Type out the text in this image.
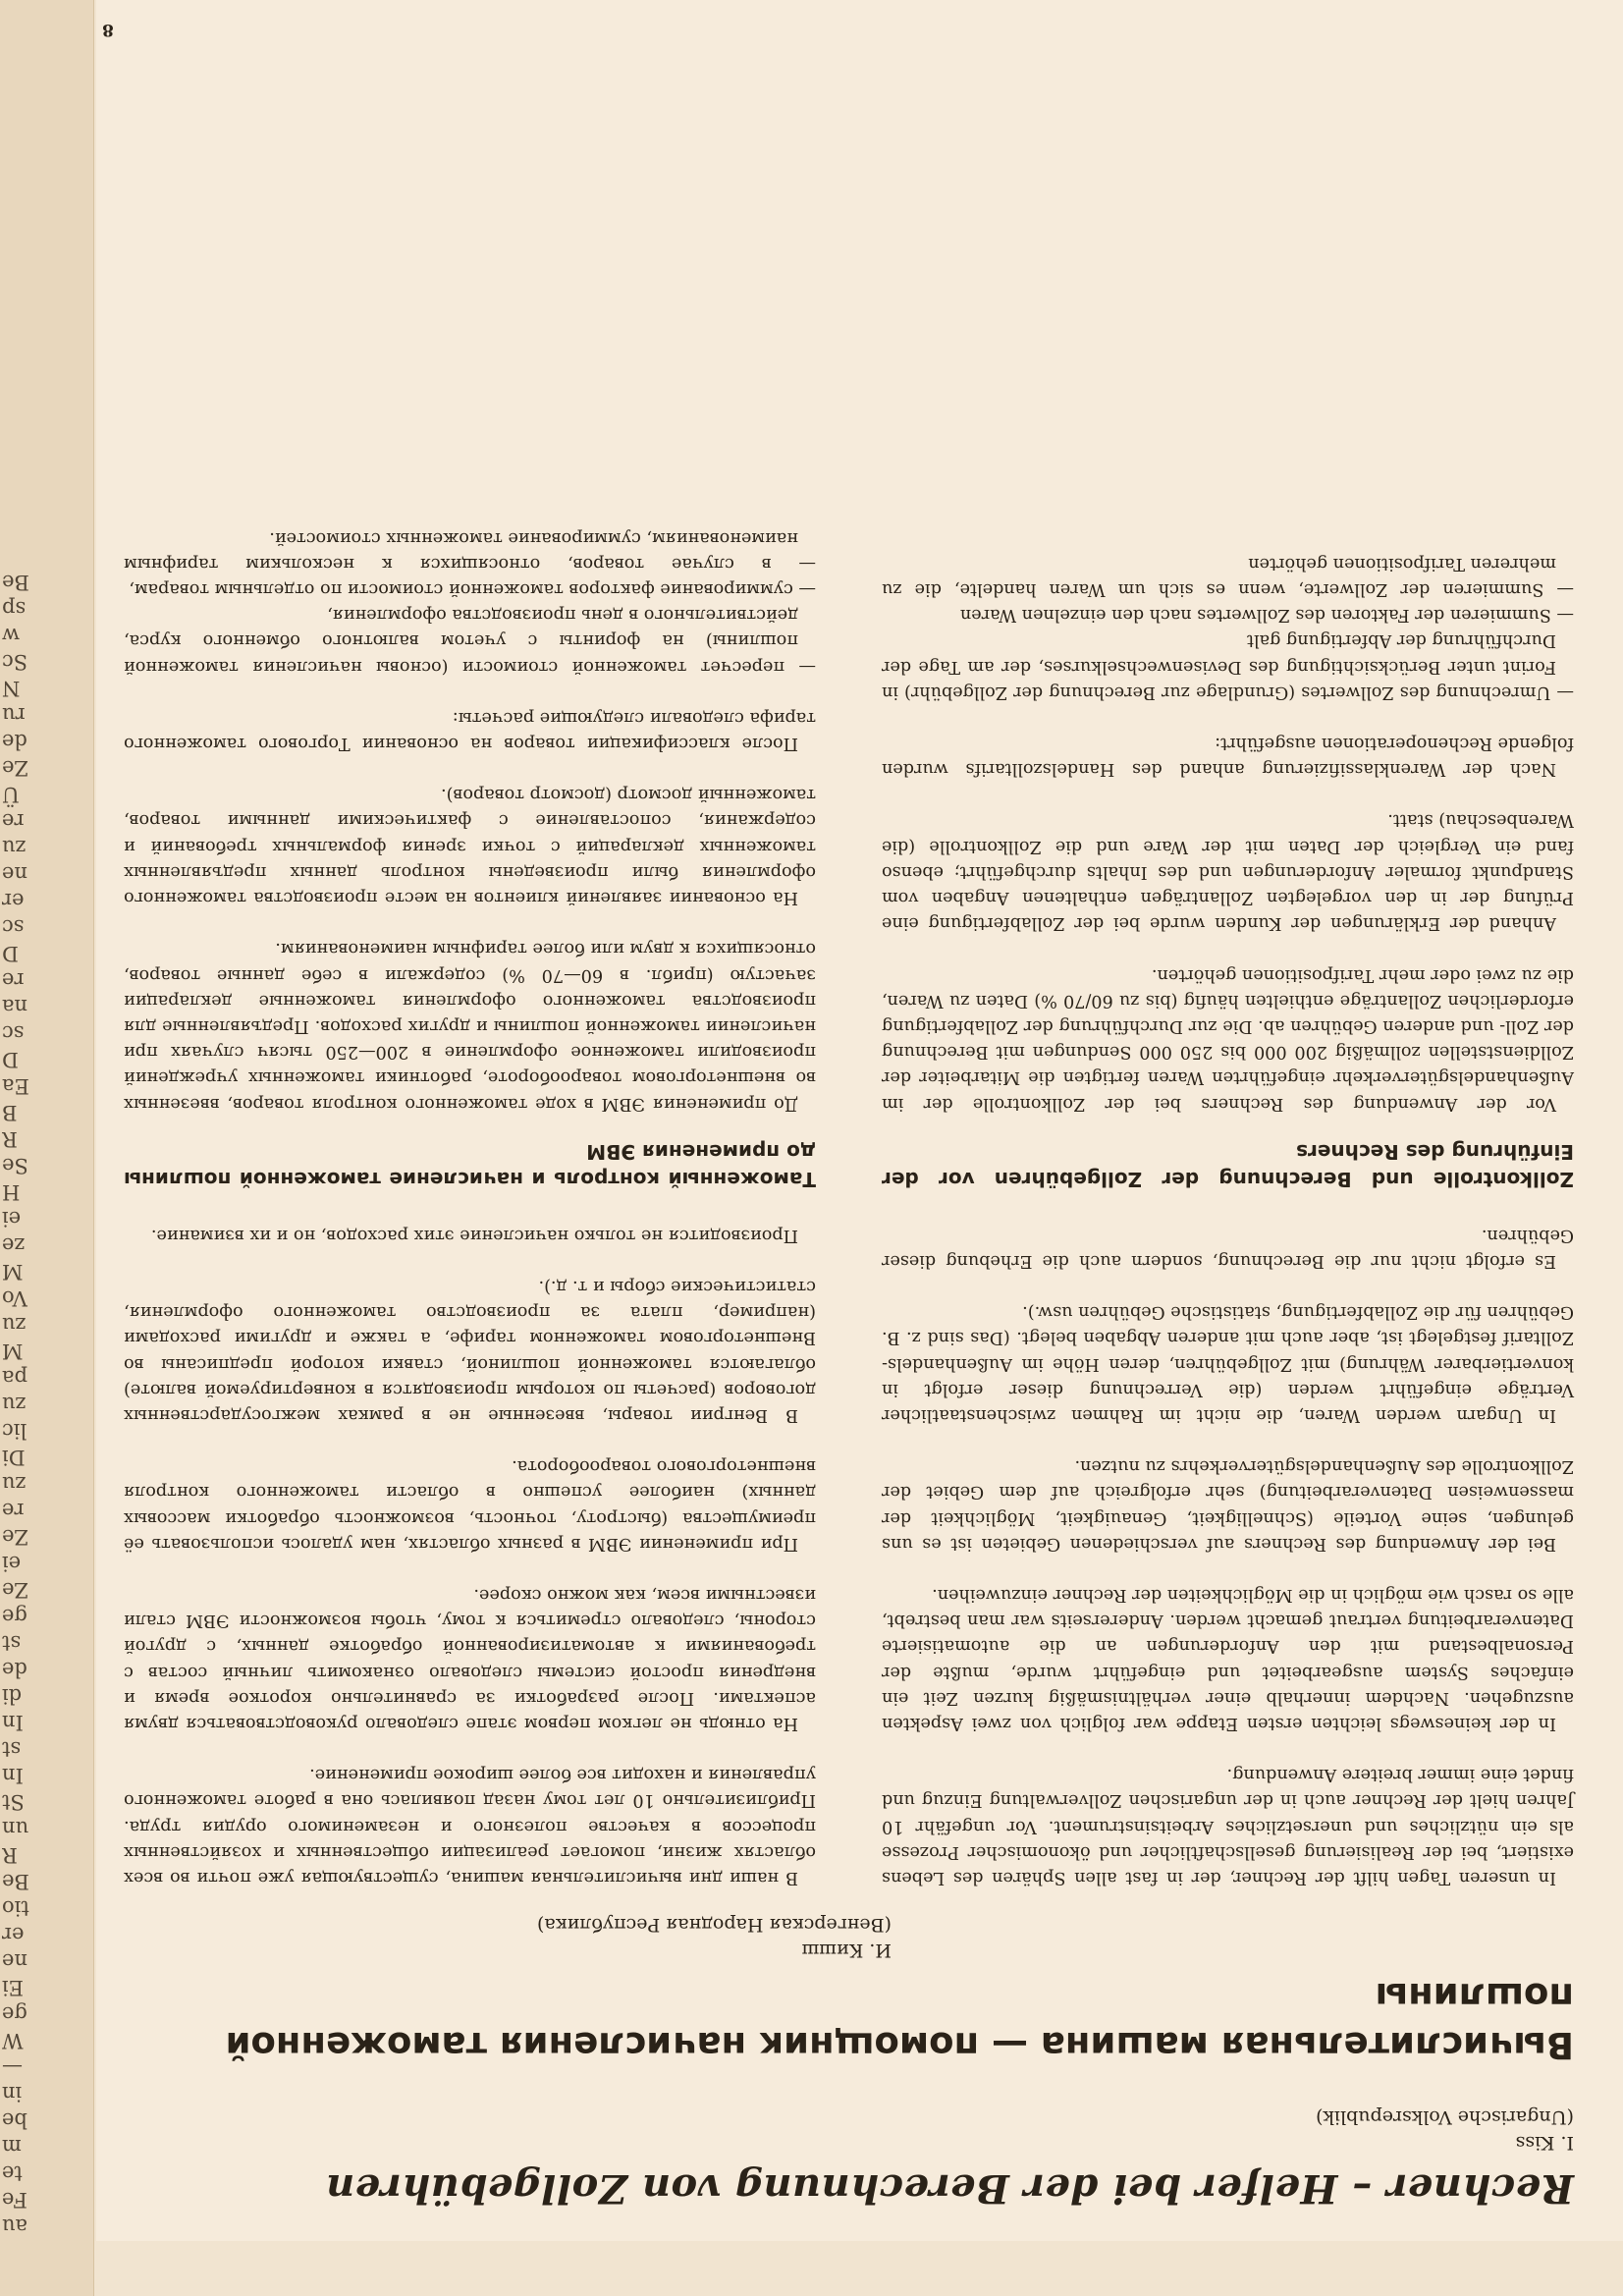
au
Fe
te
m
be
in
—
W
ge
Ei
ne
er
tio
Be
R
un
St
In
st
In
di
de
st
ge
Ze
ei
Ze
re
zu
Di
lic
zu
pa
M
zu
Vo
M
ze
ei
H
Se
R
B
Ea
D
sc
na
re
D
sc
er
ne
zu
re
Ü
Ze
de
ru
N
Sc
w
sp
Be
8
Rechner – Helfer bei der Berechnung von Zollgebühren
I. Kiss
(Ungarische Volksrepublik)
Вычислительная машина — помощник начисления таможенной пошлины
И. Кишш
(Венгерская Народная Республика)

In unseren Tagen hilft der Rechner, der in fast allen Sphären des Lebens existiert, bei der Realisierung gesellschaftlicher und ökonomischer Prozesse als ein nützliches und unersetzliches Arbeitsinstrument. Vor ungefähr 10 Jahren hielt der Rechner auch in der ungarischen Zollverwaltung Einzug und findet eine immer breitere Anwendung.

In der keineswegs leichten ersten Etappe war folglich von zwei Aspekten auszugehen. Nachdem innerhalb einer verhältnismäßig kurzen Zeit ein einfaches System ausgearbeitet und eingeführt wurde, mußte der Personalbestand mit den Anforderungen an die automatisierte Datenverarbeitung vertraut gemacht werden. Andererseits war man bestrebt, alle so rasch wie möglich in die Möglichkeiten der Rechner einzuweihen.

Bei der Anwendung des Rechners auf verschiedenen Gebieten ist es uns gelungen, seine Vorteile (Schnelligkeit, Genauigkeit, Möglichkeit der massenweisen Datenverarbeitung) sehr erfolgreich auf dem Gebiet der Zollkontrolle des Außenhandelsgüterverkehrs zu nutzen.

In Ungarn werden Waren, die nicht im Rahmen zwischenstaatlicher Verträge eingeführt werden (die Verrechnung dieser erfolgt in konvertierbarer Währung) mit Zollgebühren, deren Höhe im Außenhandels-Zolltarif festgelegt ist, aber auch mit anderen Abgaben belegt. (Das sind z. B. Gebühren für die Zollabfertigung, statistische Gebühren usw.).

Es erfolgt nicht nur die Berechnung, sondern auch die Erhebung dieser Gebühren.

Zollkontrolle und Berechnung der Zollgebühren vor der Einführung des Rechners

Vor der Anwendung des Rechners bei der Zollkontrolle der im Außenhandelsgüterverkehr eingeführten Waren fertigten die Mitarbeiter der Zolldienststellen zollmäßig 200 000 bis 250 000 Sendungen mit Berechnung der Zoll- und anderen Gebühren ab. Die zur Durchführung der Zollabfertigung erforderlichen Zollanträge enthielten häufig (bis zu 60/70 %) Daten zu Waren, die zu zwei oder mehr Tarifpositionen gehörten.

Anhand der Erklärungen der Kunden wurde bei der Zollabfertigung eine Prüfung der in den vorgelegten Zollanträgen enthaltenen Angaben vom Standpunkt formaler Anforderungen und des Inhalts durchgeführt; ebenso fand ein Vergleich der Daten mit der Ware und die Zollkontrolle (die Warenbeschau) statt.

Nach der Warenklassifizierung anhand des Handelszolltarifs wurden folgende Rechenoperationen ausgeführt:

— Umrechnung des Zollwertes (Grundlage zur Berechnung der Zollgebühr) in Forint unter Berücksichtigung des Devisenwechselkurses, der am Tage der Durchführung der Abfertigung galt
— Summieren der Faktoren des Zollwertes nach den einzelnen Waren
— Summieren der Zollwerte, wenn es sich um Waren handelte, die zu mehreren Tarifpositionen gehörten

В наши дни вычислительная машина, существующая уже почти во всех областях жизни, помогает реализации общественных и хозяйственных процессов в качестве полезного и незаменимого орудия труда. Приблизительно 10 лет тому назад появилась она в работе таможенного управления и находит все более широкое применение.

На отнюдь не легком первом этапе следовало руководствоваться двумя аспектами. После разработки за сравнительно короткое время и внедрения простой системы следовало ознакомить личный состав с требованиями к автоматизированной обработке данных, с другой стороны, следовало стремиться к тому, чтобы возможности ЭВМ стали известными всем, как можно скорее.

При применении ЭВМ в разных областях, нам удалось использовать её преимущества (быстроту, точность, возможность обработки массовых данных) наиболее успешно в области таможенного контроля внешнеторгового товарооборота.

В Венгрии товары, ввезенные не в рамках межгосударственных договоров (расчеты по которым производятся в конвертируемой валюте) облагаются таможенной пошлиной, ставки которой предписаны во Внешнеторговом таможенном тарифе, а также и другими расходами (например, плата за производство таможенного оформления, статистические сборы и т. д.).

Производится не только начисление этих расходов, но и их взимание.

Таможенный контроль и начисление таможенной пошлины до применения ЭВМ

До применения ЭВМ в ходе таможенного контроля товаров, ввезенных во внешнеторговом товарообороте, работники таможенных учреждений производили таможенное оформление в 200—250 тысяч случаях при начислении таможенной пошлины и других расходов. Предъявленные для производства таможенного оформления таможенные декларации зачастую (прибл. в 60—70 %) содержали в себе данные товаров, относящихся к двум или более тарифным наименованиям.

На основании заявлений клиентов на месте производства таможенного оформления были произведены контроль данных предъявленных таможенных деклараций с точки зрения формальных требований и содержания, сопоставление с фактическими данными товаров, таможенный досмотр (досмотр товаров).

После классификации товаров на основании Торгового таможенного тарифа следовали следующие расчеты:

— пересчет таможенной стоимости (основы начисления таможенной пошлины) на форинты с учетом валютного обменного курса, действительного в день производства оформления,
— суммирование факторов таможенной стоимости по отдельным товарам,
— в случае товаров, относящихся к нескольким тарифным наименованиям, суммирование таможенных стоимостей.
